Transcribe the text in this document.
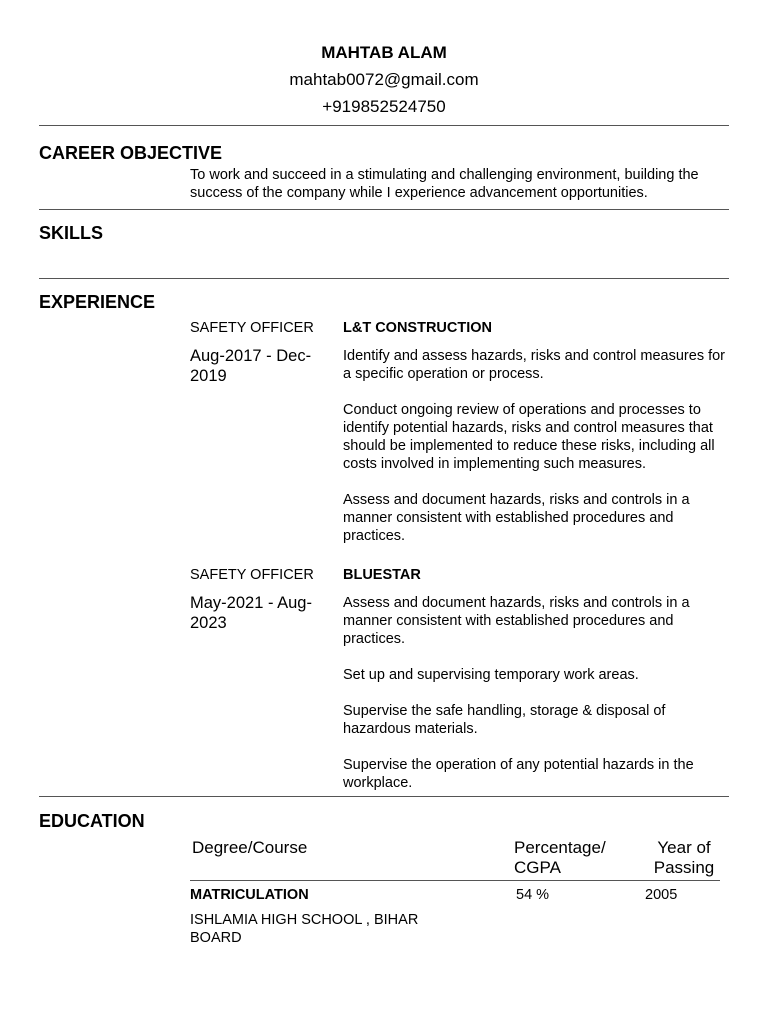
MAHTAB ALAM
mahtab0072@gmail.com
+919852524750
CAREER OBJECTIVE
To work and succeed in a stimulating and challenging environment, building the success of the company while I experience advancement opportunities.
SKILLS
EXPERIENCE
SAFETY OFFICER L&T CONSTRUCTION
Aug-2017 - Dec-2019

Identify and assess hazards, risks and control measures for a specific operation or process.

Conduct ongoing review of operations and processes to identify potential hazards, risks and control measures that should be implemented to reduce these risks, including all costs involved in implementing such measures.

Assess and document hazards, risks and controls in a manner consistent with established procedures and practices.

SAFETY OFFICER BLUESTAR
May-2021 - Aug-2023

Assess and document hazards, risks and controls in a manner consistent with established procedures and practices.

Set up and supervising temporary work areas.

Supervise the safe handling, storage & disposal of hazardous materials.

Supervise the operation of any potential hazards in the workplace.

EDUCATION
Degree/Course	Percentage/ CGPA
Year of Passing
MATRICULATION
ISHLAMIA HIGH SCHOOL , BIHAR BOARD
54 %	2005
